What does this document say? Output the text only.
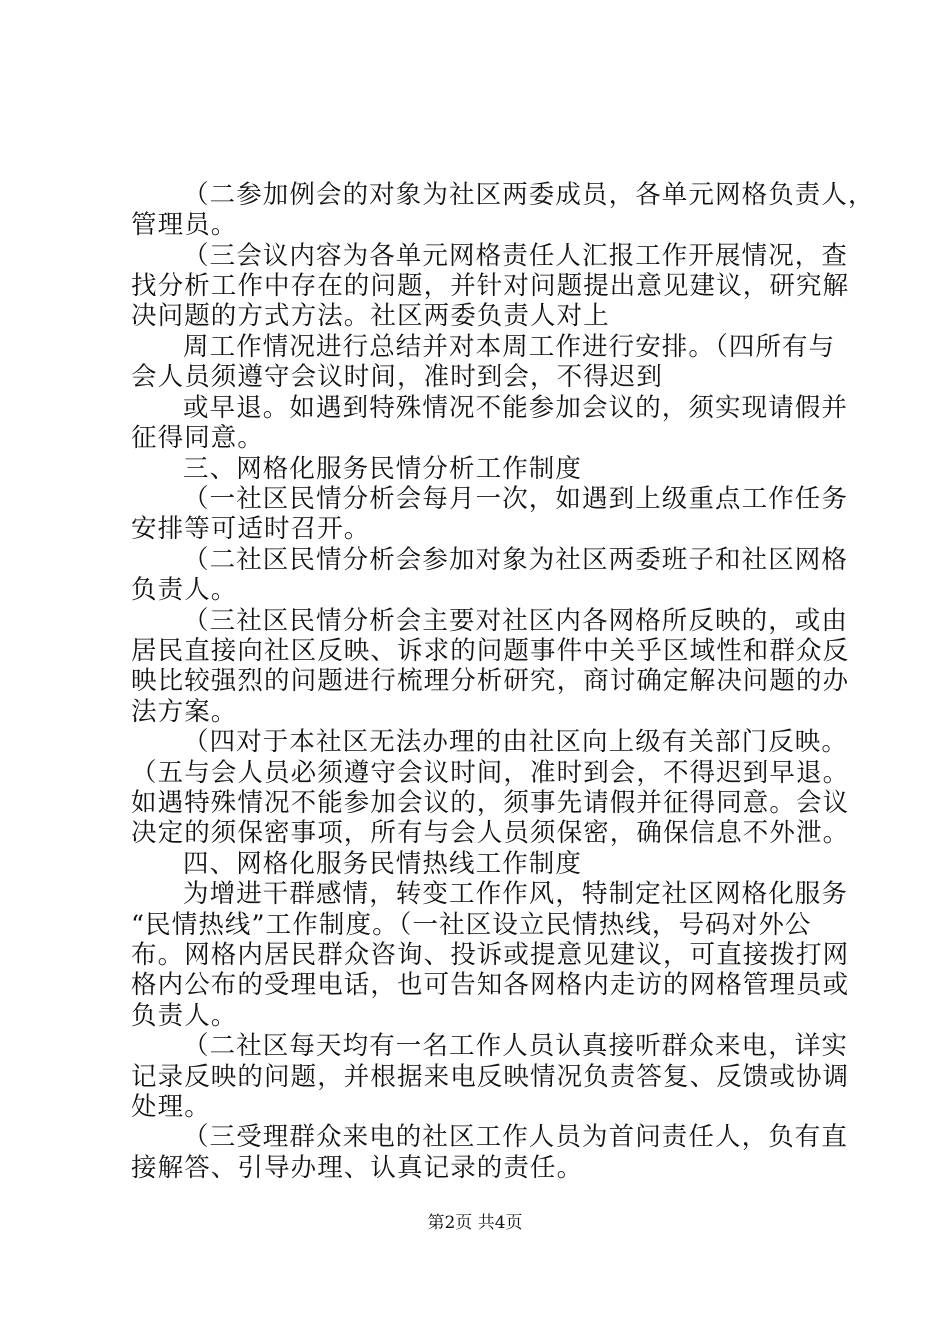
（二参加例会的对象为社区两委成员，各单元网格负责人，
管理员。
（三会议内容为各单元网格责任人汇报工作开展情况，查
找分析工作中存在的问题，并针对问题提出意见建议，研究解
决问题的方式方法。社区两委负责人对上
周工作情况进行总结并对本周工作进行安排。（四所有与
会人员须遵守会议时间，准时到会，不得迟到
或早退。如遇到特殊情况不能参加会议的，须实现请假并
征得同意。
三、网格化服务民情分析工作制度
（一社区民情分析会每月一次，如遇到上级重点工作任务
安排等可适时召开。
（二社区民情分析会参加对象为社区两委班子和社区网格
负责人。
（三社区民情分析会主要对社区内各网格所反映的，或由
居民直接向社区反映、诉求的问题事件中关乎区域性和群众反
映比较强烈的问题进行梳理分析研究，商讨确定解决问题的办
法方案。
（四对于本社区无法办理的由社区向上级有关部门反映。
（五与会人员必须遵守会议时间，准时到会，不得迟到早退。
如遇特殊情况不能参加会议的，须事先请假并征得同意。会议
决定的须保密事项，所有与会人员须保密，确保信息不外泄。
四、网格化服务民情热线工作制度
为增进干群感情，转变工作作风，特制定社区网格化服务
“民情热线”工作制度。（一社区设立民情热线，号码对外公
布。网格内居民群众咨询、投诉或提意见建议，可直接拨打网
格内公布的受理电话，也可告知各网格内走访的网格管理员或
负责人。
（二社区每天均有一名工作人员认真接听群众来电，详实
记录反映的问题，并根据来电反映情况负责答复、反馈或协调
处理。
（三受理群众来电的社区工作人员为首问责任人，负有直
接解答、引导办理、认真记录的责任。
第2页 共4页
